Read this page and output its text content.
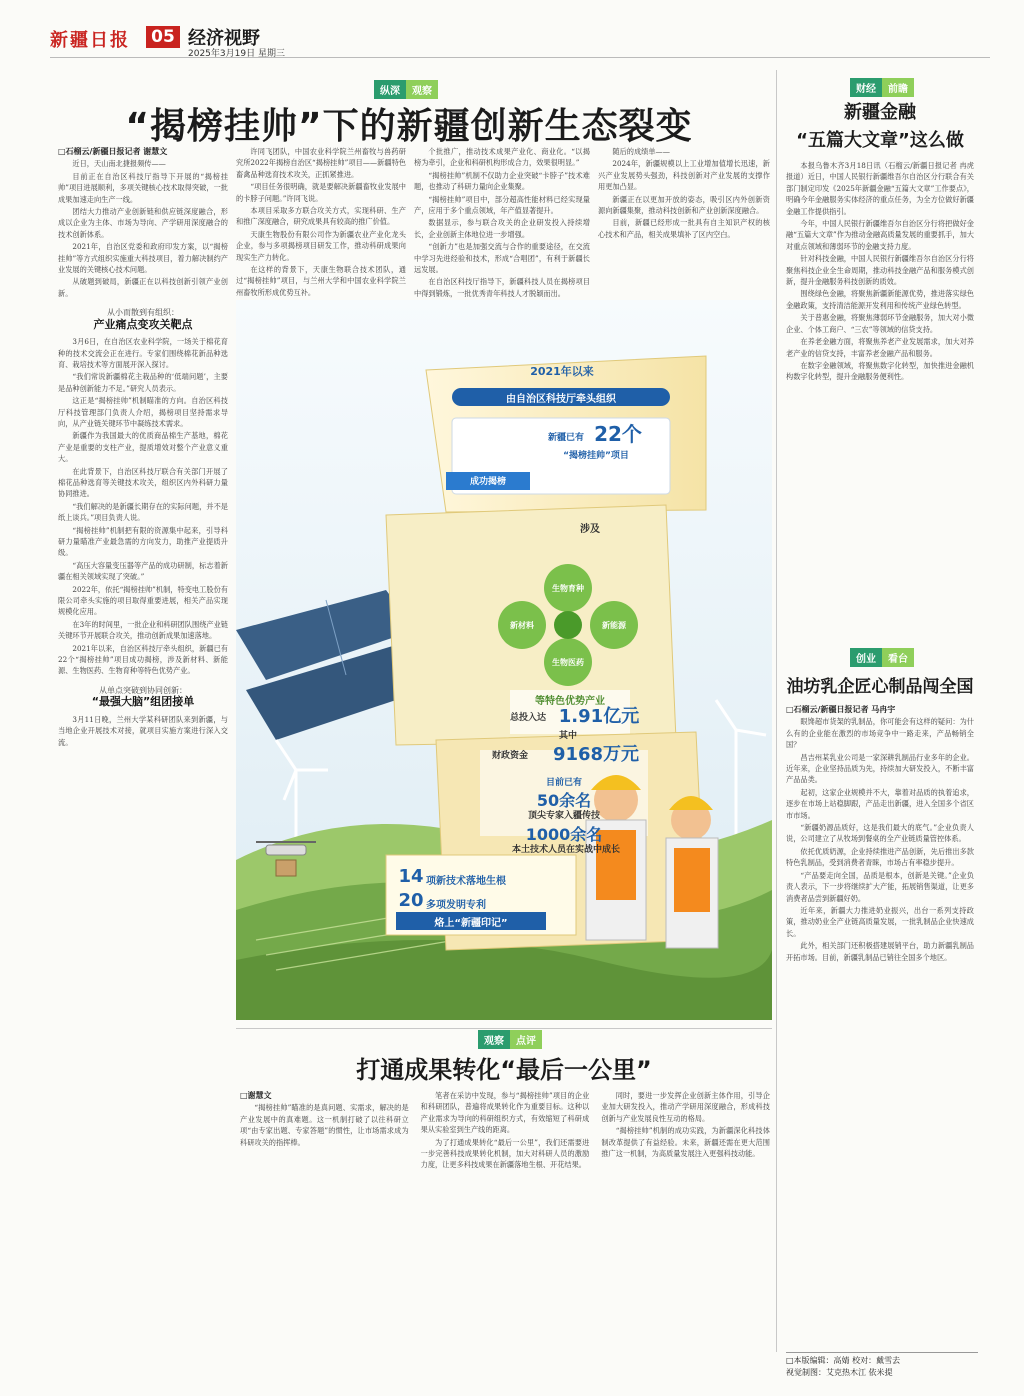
新疆日报	05 经济视野
2025年3月19日 星期三
纵深	观察
“揭榜挂帅”下的新疆创新生态裂变

□石榴云/新疆日报记者 谢慧文

近日，天山南北捷报频传——

目前正在自治区科技厅指导下开展的“揭榜挂帅”项目进展顺利，多项关键核心技术取得突破，一批成果加速走向生产一线。

团结大力推动产业创新链和供应链深度融合，形成以企业为主体、市场为导向、产学研用深度融合的技术创新体系。

2021年，自治区党委和政府印发方案，以“揭榜挂帅”等方式组织实施重大科技项目，着力解决制约产业发展的关键核心技术问题。

从破题到破局，新疆正在以科技创新引领产业创新。

从小而散到有组织：
产业痛点变攻关靶点

3月6日，在自治区农业科学院，一场关于棉花育种的技术交流会正在进行。专家们围绕棉花新品种选育、栽培技术等方面展开深入探讨。

“我们常说新疆棉花主栽品种的‘低端问题’，主要是品种创新能力不足。”研究人员表示。

这正是“揭榜挂帅”机制瞄准的方向。自治区科技厅科技管理部门负责人介绍，揭榜项目坚持需求导向，从产业链关键环节中凝练技术需求。

新疆作为我国最大的优质商品棉生产基地，棉花产业是重要的支柱产业，提质增效对整个产业意义重大。

在此背景下，自治区科技厅联合有关部门开展了棉花品种选育等关键技术攻关，组织区内外科研力量协同推进。

“我们解决的是新疆长期存在的实际问题，并不是纸上谈兵。”项目负责人说。

“揭榜挂帅”机制把有限的资源集中起来，引导科研力量瞄准产业最急需的方向发力，助推产业提质升级。

“高压大容量变压器等产品的成功研制，标志着新疆在相关领域实现了突破。”

2022年，依托“揭榜挂帅”机制，特变电工股份有限公司牵头实施的项目取得重要进展，相关产品实现规模化应用。

在3年的时间里，一批企业和科研团队围绕产业链关键环节开展联合攻关，推动创新成果加速落地。

2021年以来，自治区科技厅牵头组织，新疆已有22个“揭榜挂帅”项目成功揭榜，涉及新材料、新能源、生物医药、生物育种等特色优势产业。

从单点突破到协同创新：
“最强大脑”组团接单

3月11日晚，兰州大学某科研团队来到新疆，与当地企业开展技术对接，就项目实施方案进行深入交流。

许同飞团队，中国农业科学院兰州畜牧与兽药研究所2022年揭榜自治区“揭榜挂帅”项目——新疆特色畜禽品种选育技术攻关，正抓紧推进。

“项目任务很明确，就是要解决新疆畜牧业发展中的卡脖子问题。”许同飞说。

本项目采取多方联合攻关方式，实现科研、生产和推广深度融合，研究成果具有较高的推广价值。

天康生物股份有限公司作为新疆农业产业化龙头企业，参与多项揭榜项目研发工作，推动科研成果向现实生产力转化。

在这样的背景下，天康生物联合技术团队，通过“揭榜挂帅”项目，与兰州大学和中国农业科学院兰州畜牧所形成优势互补。

个批推广，推动技术成果产业化、商业化。“以揭榜为牵引，企业和科研机构形成合力，效果很明显。”

“揭榜挂帅”机制不仅助力企业突破“卡脖子”技术难题，也推动了科研力量向企业集聚。

“揭榜挂帅”项目中，部分超高性能材料已经实现量产，应用于多个重点领域，年产值显著提升。

数据显示，参与联合攻关的企业研发投入持续增长，企业创新主体地位进一步增强。

“创新力”也是加强交流与合作的重要途径，在交流中学习先进经验和技术，形成“合唱团”，有利于新疆长远发展。

在自治区科技厅指导下，新疆科技人员在揭榜项目中得到锻炼，一批优秀青年科技人才脱颖而出。

随后的成绩单——

2024年，新疆规模以上工业增加值增长迅速，新兴产业发展势头强劲，科技创新对产业发展的支撑作用更加凸显。

新疆正在以更加开放的姿态，吸引区内外创新资源向新疆集聚，推动科技创新和产业创新深度融合。

目前，新疆已经形成一批具有自主知识产权的核心技术和产品，相关成果填补了区内空白。

2021年以来
由自治区科技厅牵头组织
新疆已有 22个
“揭榜挂帅”项目
成功揭榜
涉及
生物育种
新材料	新能源
生物医药
等特色优势产业
总投入达 1.91亿元
其中
财政资金	9168万元
目前已有
50余名
顶尖专家入疆传技
1000余名
本土技术人员在实战中成长
14 项新技术落地生根
20 多项发明专利
烙上“新疆印记”
财经	前瞻
新疆金融
“五篇大文章”这么做

本报乌鲁木齐3月18日讯（石榴云/新疆日报记者 冉虎报道）近日，中国人民银行新疆维吾尔自治区分行联合有关部门制定印发《2025年新疆金融“五篇大文章”工作要点》，明确今年金融服务实体经济的重点任务，为全方位做好新疆金融工作提供指引。

今年，中国人民银行新疆维吾尔自治区分行将把做好金融“五篇大文章”作为推动金融高质量发展的重要抓手，加大对重点领域和薄弱环节的金融支持力度。

针对科技金融，中国人民银行新疆维吾尔自治区分行将聚焦科技企业全生命周期，推动科技金融产品和服务模式创新，提升金融服务科技创新的质效。

围绕绿色金融，将聚焦新疆新能源优势，推进落实绿色金融政策，支持清洁能源开发利用和传统产业绿色转型。

关于普惠金融，将聚焦薄弱环节金融服务，加大对小微企业、个体工商户、“三农”等领域的信贷支持。

在养老金融方面，将聚焦养老产业发展需求，加大对养老产业的信贷支持，丰富养老金融产品和服务。

在数字金融领域，将聚焦数字化转型，加快推进金融机构数字化转型，提升金融服务便利性。

创业	看台
油坊乳企匠心制品闯全国

□石榴云/新疆日报记者 马冉宇

眼馋超市货架的乳制品，你可能会有这样的疑问：为什么有的企业能在激烈的市场竞争中一路走来，产品畅销全国？

昌吉州某乳业公司是一家深耕乳制品行业多年的企业。近年来，企业坚持品质为先，持续加大研发投入，不断丰富产品品类。

起初，这家企业规模并不大，靠着对品质的执着追求，逐步在市场上站稳脚跟，产品走出新疆，进入全国多个省区市市场。

“新疆奶源品质好，这是我们最大的底气。”企业负责人说，公司建立了从牧场到餐桌的全产业链质量管控体系。

依托优质奶源，企业持续推进产品创新，先后推出多款特色乳制品，受到消费者青睐，市场占有率稳步提升。

“产品要走向全国，品质是根本，创新是关键。”企业负责人表示，下一步将继续扩大产能，拓展销售渠道，让更多消费者品尝到新疆好奶。

近年来，新疆大力推进奶业振兴，出台一系列支持政策，推动奶业全产业链高质量发展，一批乳制品企业快速成长。

此外，相关部门还积极搭建展销平台，助力新疆乳制品开拓市场。目前，新疆乳制品已销往全国多个地区。

观察	点评
打通成果转化“最后一公里”

□谢慧文

“揭榜挂帅”瞄准的是真问题、实需求，解决的是产业发展中的真难题。这一机制打破了以往科研立项“由专家出题、专家答题”的惯性，让市场需求成为科研攻关的指挥棒。

笔者在采访中发现，参与“揭榜挂帅”项目的企业和科研团队，普遍将成果转化作为重要目标。这种以产业需求为导向的科研组织方式，有效缩短了科研成果从实验室到生产线的距离。

为了打通成果转化“最后一公里”，我们还需要进一步完善科技成果转化机制，加大对科研人员的激励力度，让更多科技成果在新疆落地生根、开花结果。

同时，要进一步发挥企业创新主体作用，引导企业加大研发投入，推动产学研用深度融合，形成科技创新与产业发展良性互动的格局。

“揭榜挂帅”机制的成功实践，为新疆深化科技体制改革提供了有益经验。未来，新疆还需在更大范围推广这一机制，为高质量发展注入更强科技动能。

□本版编辑：高婧 校对：戴雪去
视觉制图：艾克热木江 依米提
